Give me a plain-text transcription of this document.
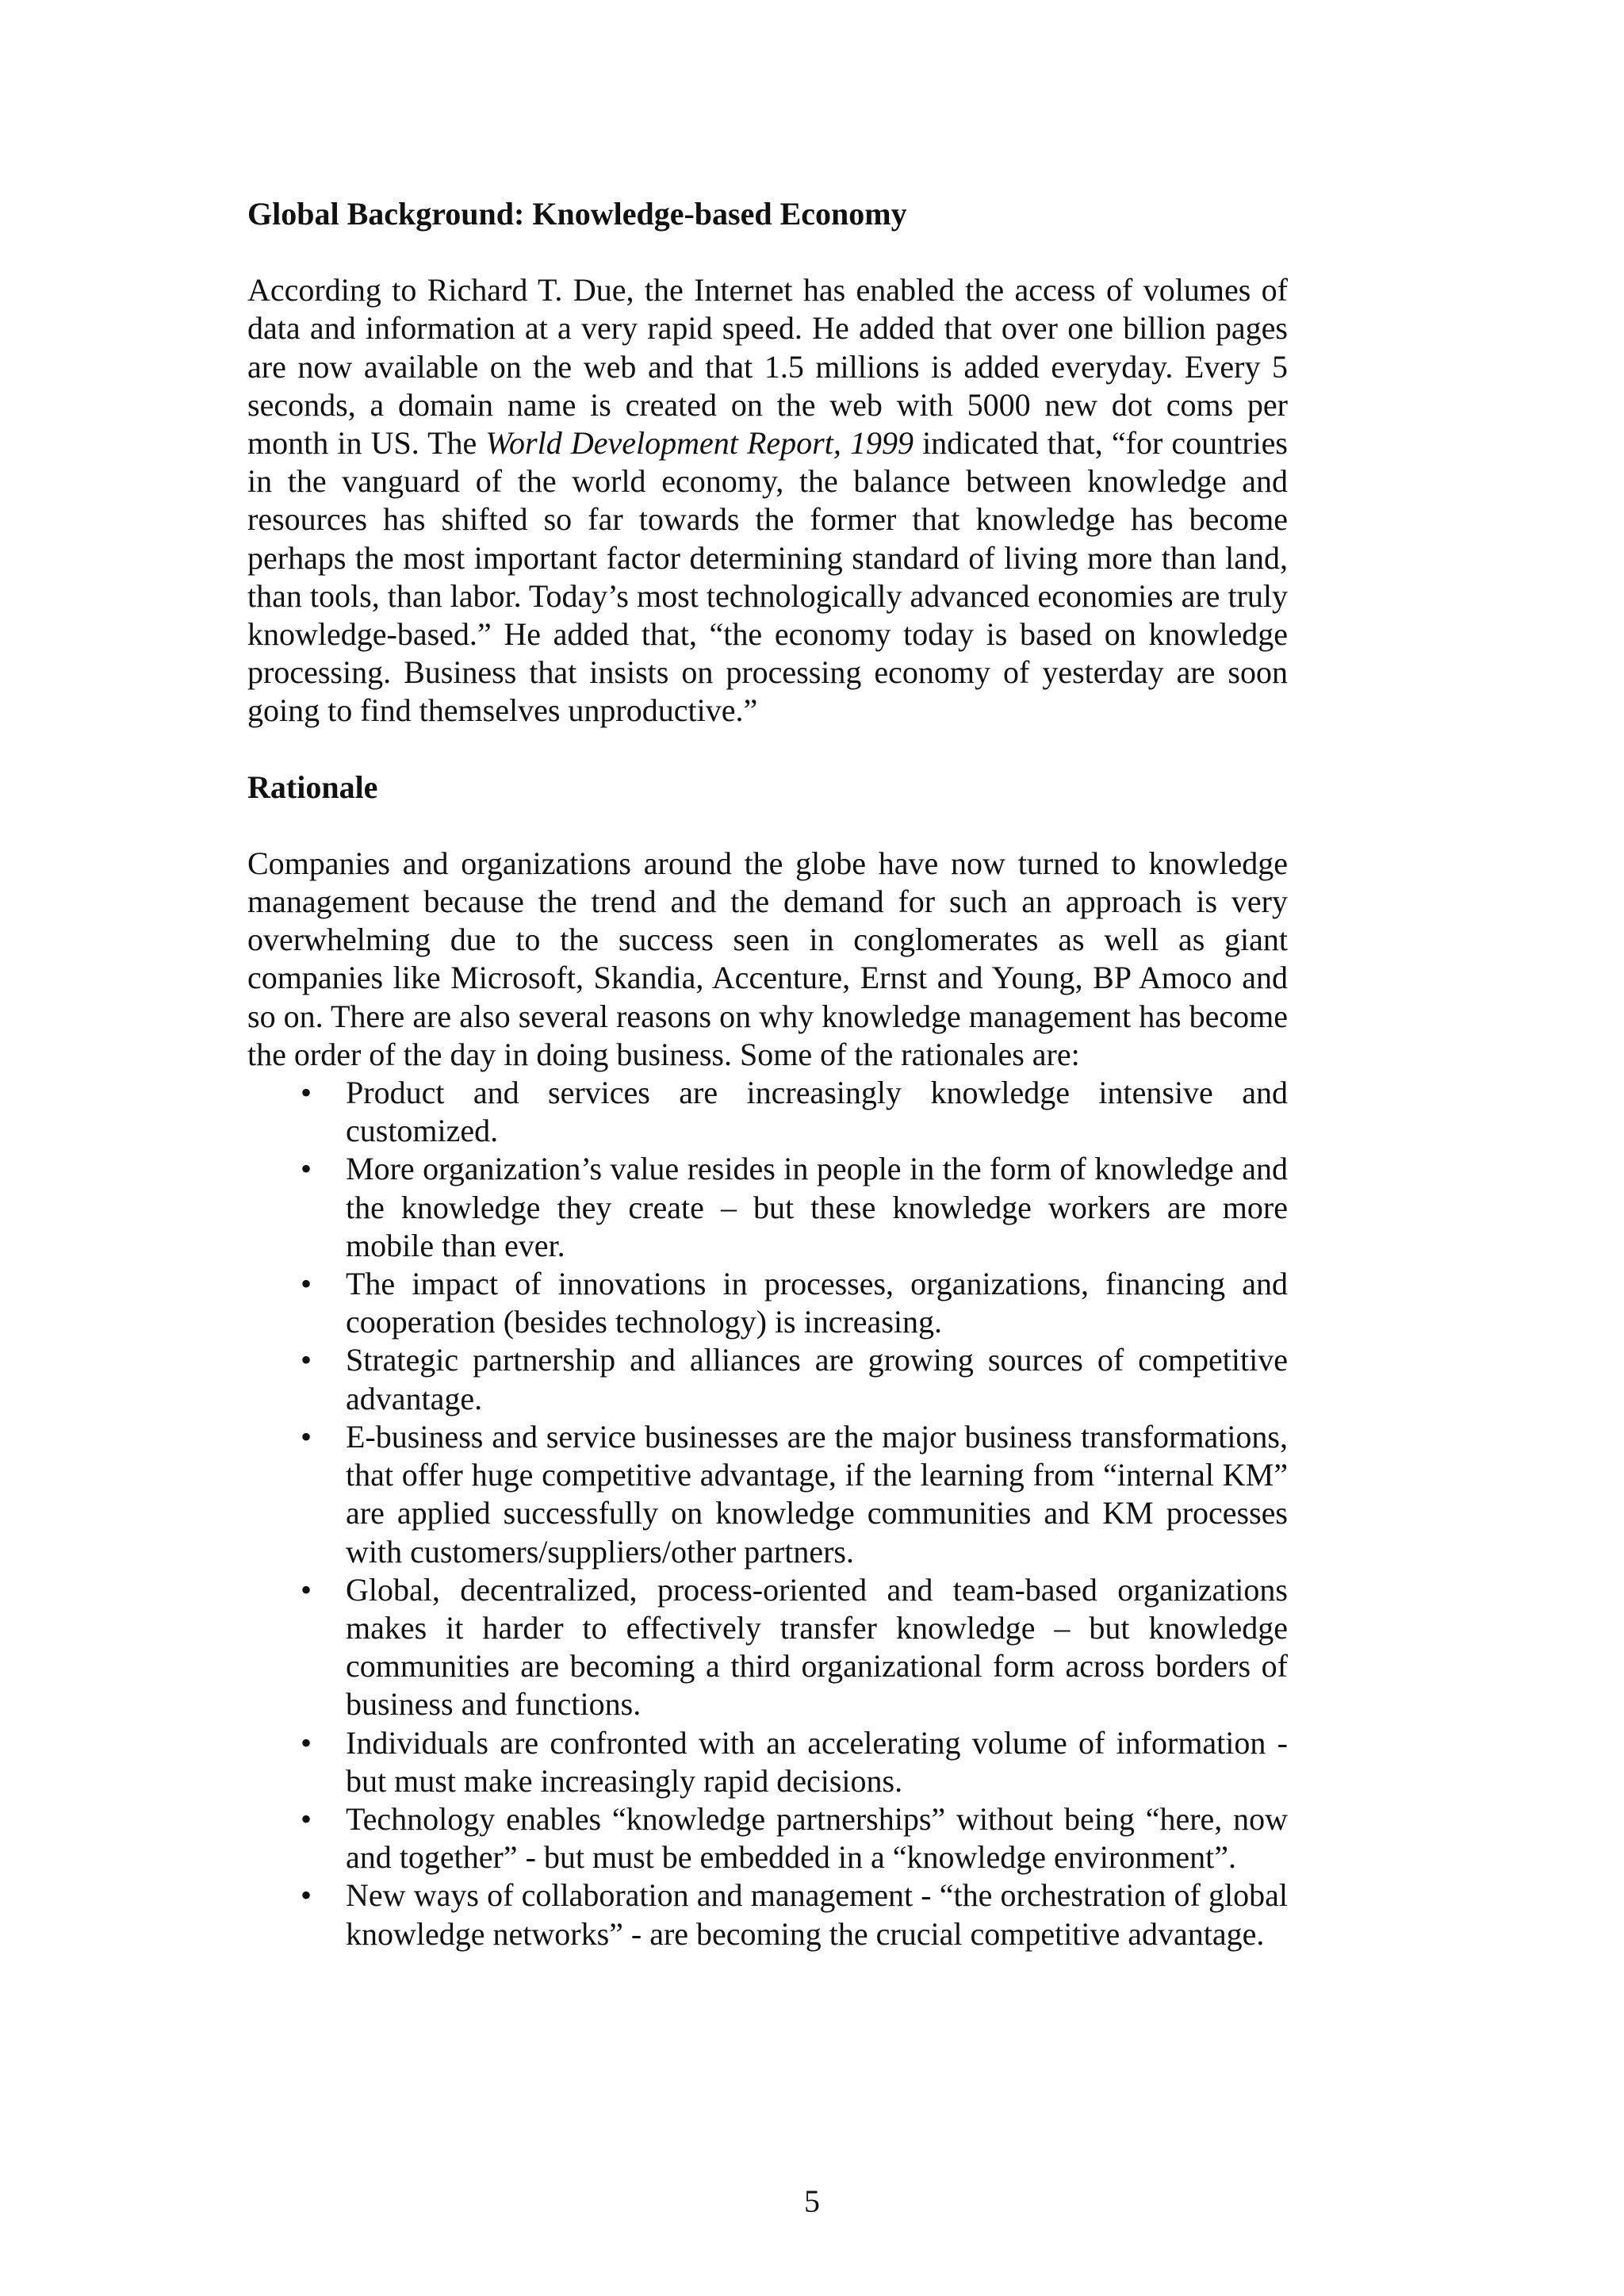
Global Background: Knowledge-based Economy

According to Richard T. Due, the Internet has enabled the access of volumes of data and information at a very rapid speed. He added that over one billion pages are now available on the web and that 1.5 millions is added everyday. Every 5 seconds, a domain name is created on the web with 5000 new dot coms per month in US. The World Development Report, 1999 indicated that, “for countries in the vanguard of the world economy, the balance between knowledge and resources has shifted so far towards the former that knowledge has become perhaps the most important factor determining standard of living more than land, than tools, than labor. Today’s most technologically advanced economies are truly knowledge-based.” He added that, “the economy today is based on knowledge processing. Business that insists on processing economy of yesterday are soon going to find themselves unproductive.”

Rationale

Companies and organizations around the globe have now turned to knowledge management because the trend and the demand for such an approach is very overwhelming due to the success seen in conglomerates as well as giant companies like Microsoft, Skandia, Accenture, Ernst and Young, BP Amoco and so on. There are also several reasons on why knowledge management has become the order of the day in doing business. Some of the rationales are:

• Product and services are increasingly knowledge intensive and customized.
• More organization’s value resides in people in the form of knowledge and the knowledge they create – but these knowledge workers are more mobile than ever.
• The impact of innovations in processes, organizations, financing and cooperation (besides technology) is increasing.
• Strategic partnership and alliances are growing sources of competitive advantage.
• E-business and service businesses are the major business transformations, that offer huge competitive advantage, if the learning from “internal KM” are applied successfully on knowledge communities and KM processes with customers/suppliers/other partners.
• Global, decentralized, process-oriented and team-based organizations makes it harder to effectively transfer knowledge – but knowledge communities are becoming a third organizational form across borders of business and functions.
• Individuals are confronted with an accelerating volume of information - but must make increasingly rapid decisions.
• Technology enables “knowledge partnerships” without being “here, now and together” - but must be embedded in a “knowledge environment”.
• New ways of collaboration and management - “the orchestration of global knowledge networks” - are becoming the crucial competitive advantage.
5
